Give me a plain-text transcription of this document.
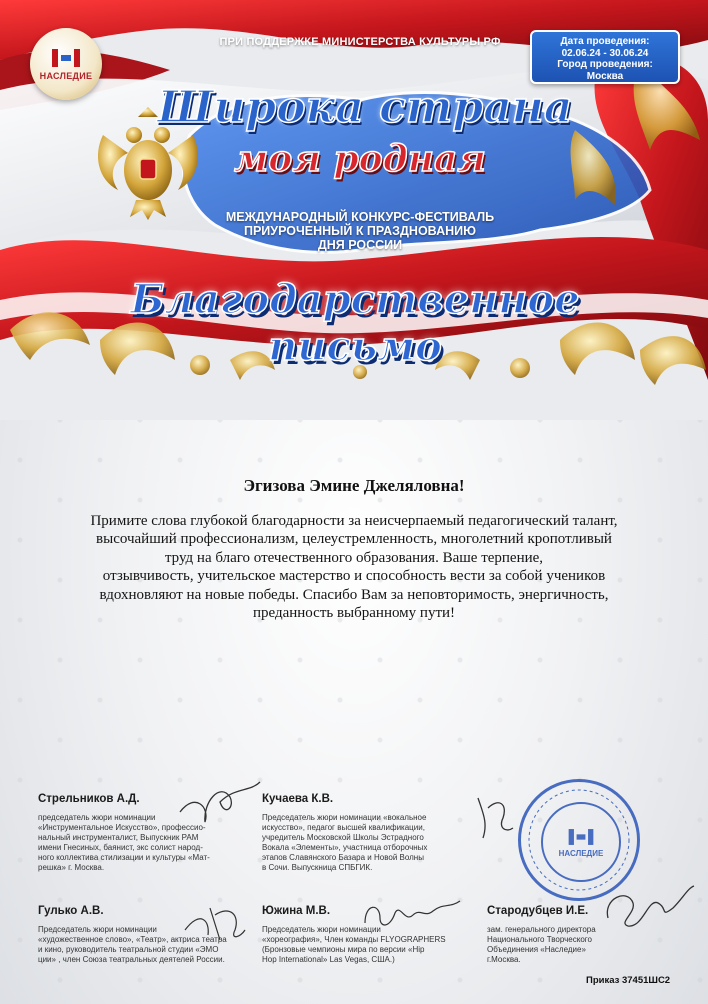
НАСЛЕДИЕ
ПРИ ПОДДЕРЖКЕ МИНИСТЕРСТВА КУЛЬТУРЫ РФ	Дата проведения:
02.06.24 - 30.06.24
Город проведения:
Москва
Широка страна
моя родная
МЕЖДУНАРОДНЫЙ КОНКУРС-ФЕСТИВАЛЬ
ПРИУРОЧЕННЫЙ К ПРАЗДНОВАНИЮ
ДНЯ РОССИИ
Благодарственное письмо
Эгизова Эмине Джеляловна!
Примите слова глубокой благодарности за неисчерпаемый педагогический талант,
высочайший профессионализм, целеустремленность, многолетний кропотливый
труд на благо отечественного образования. Ваше терпение,
отзывчивость, учительское мастерство и способность вести за собой учеников
вдохновляют на новые победы. Спасибо Вам за неповторимость, энергичность,
преданность выбранному пути!
Стрельников А.Д.
председатель жюри номинации
«Инструментальное Искусство», профессио-
нальный инструменталист, Выпускник РАМ
имени Гнесиных, баянист, экс солист народ-
ного коллектива стилизации и культуры «Мат-
решка» г. Москва.
Кучаева К.В.
Председатель жюри номинации «вокальное
искусство», педагог высшей квалификации,
учредитель Московской Школы Эстрадного
Вокала «Элементы», участница отборочных
этапов Славянского Базара и Новой Волны
в Сочи. Выпускница СПБГИК.
НАСЛЕДИЕ
Гулько А.В.
Председатель жюри номинации
«художественное слово», «Театр», актриса театра
и кино, руководитель театральной студии «ЭМО
ции» , член Союза театральных деятелей России.
Южина М.В.
Председатель жюри номинации
«хореография», Член команды FLYOGRAPHERS
(Бронзовые чемпионы мира по версии «Hip
Hop International» Las Vegas, США.)
Стародубцев И.Е.
зам. генерального директора
Национального Творческого
Объединения «Наследие»
г.Москва.
Приказ 37451ШС2
